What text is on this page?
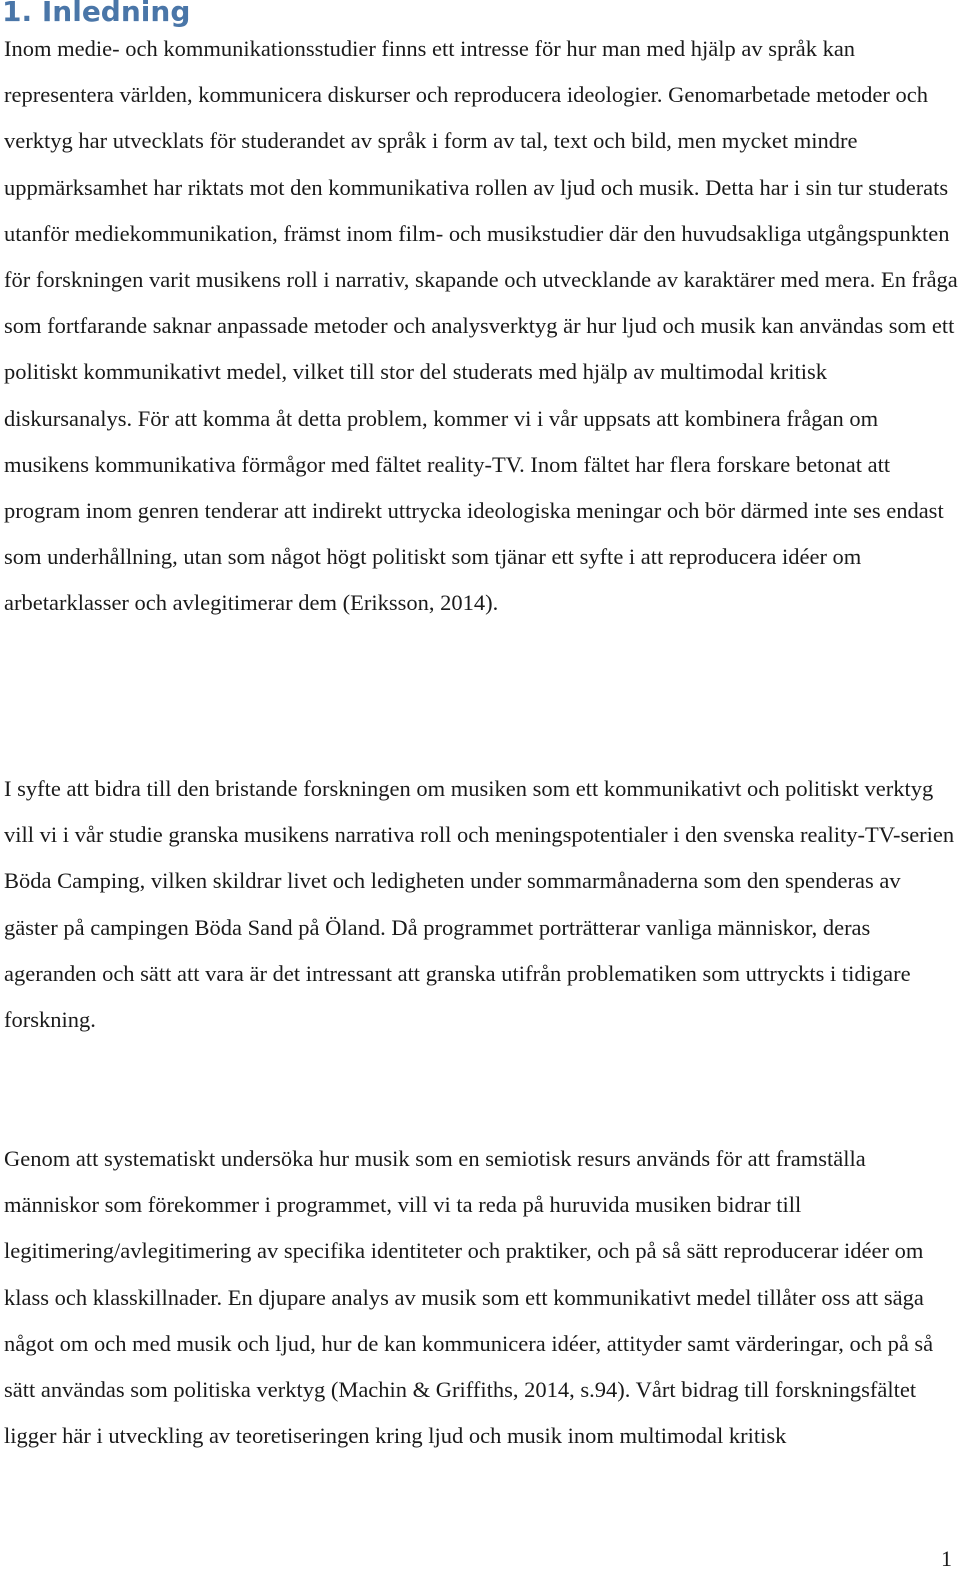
1. Inledning

Inom medie- och kommunikationsstudier finns ett intresse för hur man med hjälp av språk kan representera världen, kommunicera diskurser och reproducera ideologier. Genomarbetade metoder och verktyg har utvecklats för studerandet av språk i form av tal, text och bild, men mycket mindre uppmärksamhet har riktats mot den kommunikativa rollen av ljud och musik. Detta har i sin tur studerats utanför mediekommunikation, främst inom film- och musikstudier där den huvudsakliga utgångspunkten för forskningen varit musikens roll i narrativ, skapande och utvecklande av karaktärer med mera. En fråga som fortfarande saknar anpassade metoder och analysverktyg är hur ljud och musik kan användas som ett politiskt kommunikativt medel, vilket till stor del studerats med hjälp av multimodal kritisk diskursanalys. För att komma åt detta problem, kommer vi i vår uppsats att kombinera frågan om musikens kommunikativa förmågor med fältet reality-TV. Inom fältet har flera forskare betonat att program inom genren tenderar att indirekt uttrycka ideologiska meningar och bör därmed inte ses endast som underhållning, utan som något högt politiskt som tjänar ett syfte i att reproducera idéer om arbetarklasser och avlegitimerar dem (Eriksson, 2014).

I syfte att bidra till den bristande forskningen om musiken som ett kommunikativt och politiskt verktyg vill vi i vår studie granska musikens narrativa roll och meningspotentialer i den svenska reality-TV-serien Böda Camping, vilken skildrar livet och ledigheten under sommarmånaderna som den spenderas av gäster på campingen Böda Sand på Öland. Då programmet porträtterar vanliga människor, deras ageranden och sätt att vara är det intressant att granska utifrån problematiken som uttryckts i tidigare forskning.

Genom att systematiskt undersöka hur musik som en semiotisk resurs används för att framställa människor som förekommer i programmet, vill vi ta reda på huruvida musiken bidrar till legitimering/avlegitimering av specifika identiteter och praktiker, och på så sätt reproducerar idéer om klass och klasskillnader. En djupare analys av musik som ett kommunikativt medel tillåter oss att säga något om och med musik och ljud, hur de kan kommunicera idéer, attityder samt värderingar, och på så sätt användas som politiska verktyg (Machin & Griffiths, 2014, s.94). Vårt bidrag till forskningsfältet ligger här i utveckling av teoretiseringen kring ljud och musik inom multimodal kritisk

1
